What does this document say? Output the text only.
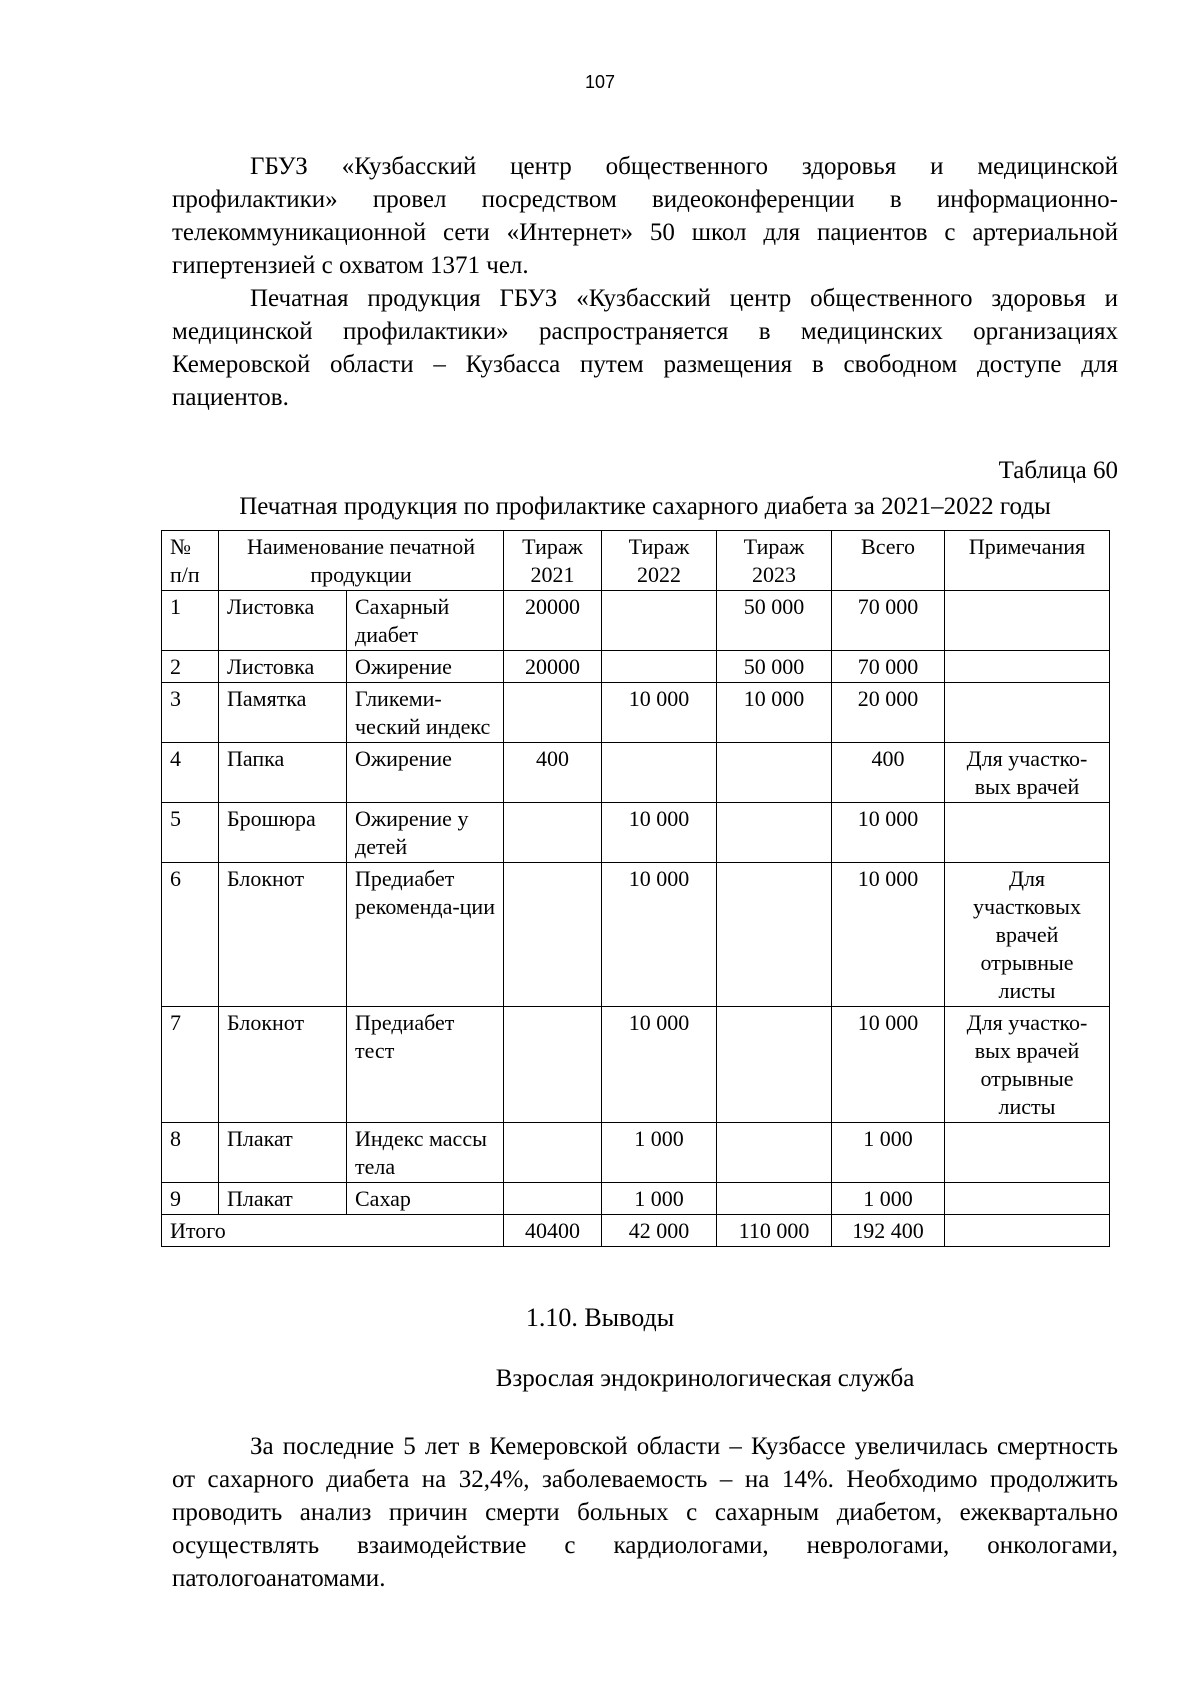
107

ГБУЗ «Кузбасский центр общественного здоровья и медицинской профилактики» провел посредством видеоконференции в информационно-телекоммуникационной сети «Интернет» 50 школ для пациентов с артериальной гипертензией с охватом 1371 чел.

Печатная продукция ГБУЗ «Кузбасский центр общественного здоровья и медицинской профилактики» распространяется в медицинских организациях Кемеровской области – Кузбасса путем размещения в свободном доступе для пациентов.

Таблица 60
Печатная продукция по профилактике сахарного диабета за 2021–2022 годы
№ п/п	Наименование печатной продукции		Тираж 2021	Тираж 2022	Тираж 2023	Всего	Примечания
1	Листовка	Сахарный диабет	20000		50 000	70 000	
2	Листовка	Ожирение	20000		50 000	70 000	
3	Памятка	Гликеми-ческий индекс		10 000	10 000	20 000	
4	Папка	Ожирение	400			400	Для участко-вых врачей
5	Брошюра	Ожирение у детей		10 000		10 000	
6	Блокнот	Предиабет рекоменда-ции		10 000		10 000	Для участковых врачей отрывные листы
7	Блокнот	Предиабет тест		10 000		10 000	Для участко-вых врачей отрывные листы
8	Плакат	Индекс массы тела		1 000		1 000	
9	Плакат	Сахар		1 000		1 000	
Итого			40400	42 000	110 000	192 400	
1.10. Выводы
Взрослая эндокринологическая служба

За последние 5 лет в Кемеровской области – Кузбассе увеличилась смертность от сахарного диабета на 32,4%, заболеваемость – на 14%. Необходимо продолжить проводить анализ причин смерти больных с сахарным диабетом, ежеквартально осуществлять взаимодействие с кардиологами, неврологами, онкологами, патологоанатомами.
